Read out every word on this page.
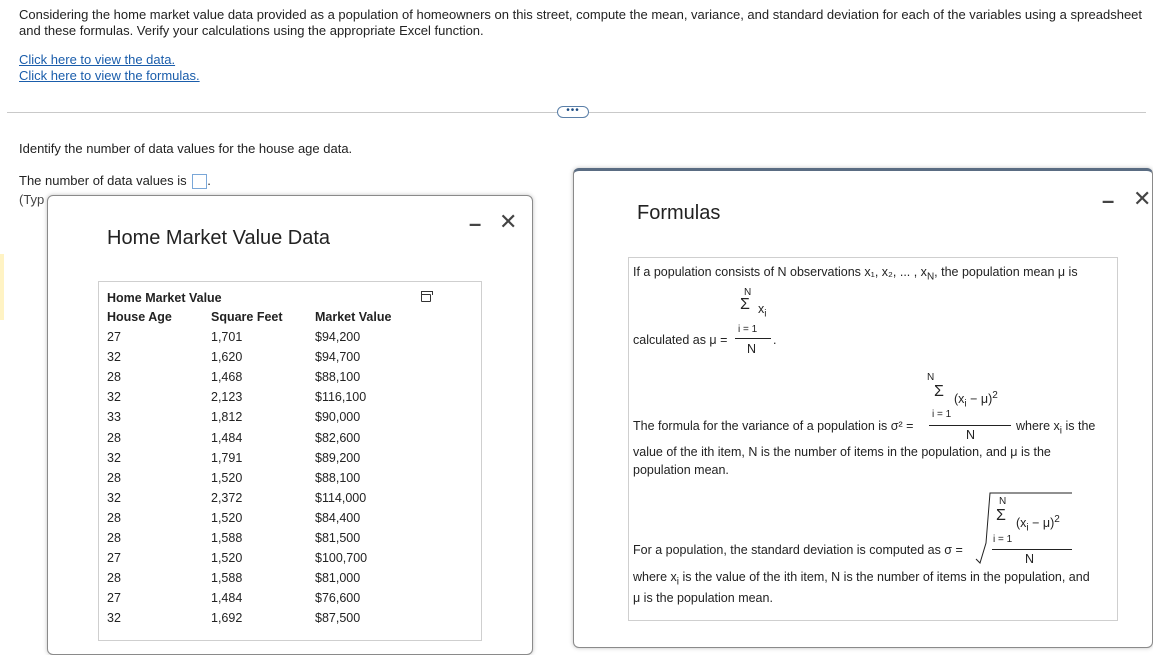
Considering the home market value data provided as a population of homeowners on this street, compute the mean, variance, and standard deviation for each of the variables using a spreadsheet and these formulas. Verify your calculations using the appropriate Excel function.
Click here to view the data.
Click here to view the formulas.
•••
Identify the number of data values for the house age data.
The number of data values is .
(Typ
Home Market Value Data
– ✕
Home Market Value
House Age	Square Feet	Market Value
27	1,701	$94,200
32	1,620	$94,700
28	1,468	$88,100
32	2,123	$116,100
33	1,812	$90,000
28	1,484	$82,600
32	1,791	$89,200
28	1,520	$88,100
32	2,372	$114,000
28	1,520	$84,400
28	1,588	$81,500
27	1,520	$100,700
28	1,588	$81,000
27	1,484	$76,600
32	1,692	$87,500
Formulas	– ✕
If a population consists of N observations x₁, x₂, ... , $x_N$, the population mean μ is
calculated as μ =
N
Σ $x_i$
i = 1
N
.
N
Σ $(x_i - \mu)^2$
i = 1
The formula for the variance of a population is σ² =
N
where $x_i$ is the
value of the ith item, N is the number of items in the population, and μ is the
population mean.
N
Σ $(x_i - \mu)^2$
i = 1
N
For a population, the standard deviation is computed as σ =
where $x_i$ is the value of the ith item, N is the number of items in the population, and
μ is the population mean.
